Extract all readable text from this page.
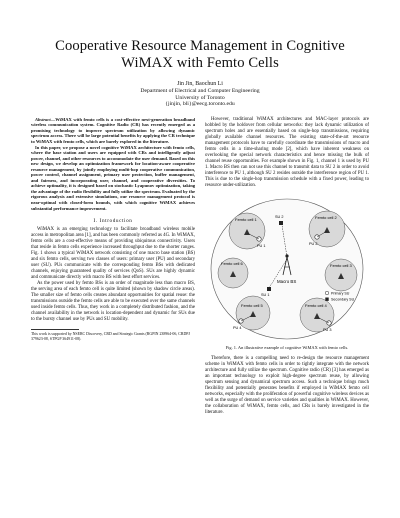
Cooperative Resource Management in Cognitive
WiMAX with Femto Cells
Jin Jin, Baochun Li
Department of Electrical and Computer Engineering
University of Toronto
{jinjin, bli}@eecg.toronto.edu

Abstract—WiMAX with femto cells is a cost-effective next-generation broadband wireless communication system. Cognitive Radio (CR) has recently emerged as a promising technology to improve spectrum utilization by allowing dynamic spectrum access. There will be large potential benefits by applying the CR technique to WiMAX with femto cells, which are barely explored in the literature.

In this paper, we propose a novel cognitive WiMAX architecture with femto cells, where the base station and users are equipped with CRs and intelligently adjust power, channel, and other resources to accommodate the user demand. Based on this new design, we develop an optimization framework for location-aware cooperative resource management, by jointly employing multi-hop cooperative communication, power control, channel assignment, primary user protection, buffer management, and fairness, and incorporating user, channel, and cooperative diversities. To achieve optimality, it is designed based on stochastic Lyapunov optimization, taking the advantage of the radio flexibility and fully utilize the spectrum. Evaluated by the rigorous analysis and extensive simulations, our resource management protocol is near-optimal with closed-form bounds, with which cognitive WiMAX achieves substantial performance improvement.

I. Introduction

WiMAX is an emerging technology to facilitate broadband wireless mobile access in metropolitan area [1], and has been commonly referred as 4G. In WiMAX, femto cells are a cost-effective means of providing ubiquitous connectivity. Users that reside in femto cells experience increased throughput due to the shorter ranges. Fig. 1 shows a typical WiMAX network consisting of one macro base station (BS) and six femto cells, serving two classes of users: primary user (PU) and secondary user (SU). PUs communicate with the corresponding femto BSs with dedicated channels, enjoying guaranteed quality of services (QoS). SUs are highly dynamic and communicate directly with macro BS with best effort services.

As the power used by femto BSs is an order of magnitude less than macro BS, the serving area of each femto cell is quite limited (shown by shadow circle areas). The smaller size of femto cells creates abundant opportunities for spatial reuse: the transmissions outside the femto cells are able to be executed over the same channels used inside femto cells. Thus, they work in a completely distributed fashion, and the channel availability in the network is location-dependent and dynamic for SUs due to the bursty channel use by PUs and SU mobility.

This work is supported by NSERC Discovery, CRD and Strategic Grants (RGPIN 238964-06, CRDPJ 379623-08, STPGP 364911-08).

However, traditional WiMAX architectures and MAC-layer protocols are hobbled by the holdover from cellular networks: they lack dynamic utilization of spectrum holes and are essentially based on single-hop transmissions, requiring globally available channel resources. The existing state-of-the-art resource management protocols have to carefully coordinate the transmissions of macro and femto cells in a time-sharing mode [2], which have inherent weakness on overlooking the special network characteristics and hence missing the bulk of channel reuse opportunities. For example shown in Fig. 1, channel 1 is used by PU 1. Macro BS then can not use this channel to transmit data to SU 2 in order to avoid interference to PU 1, although SU 2 resides outside the interference region of PU 1. This is due to the single-hop transmission schedule with a fixed power, leading to resource under-utilization.

Femto cell 1	Femto cell 2
Femto cell 3
Femto cell 4
Femto cell 5
Femto cell 6
Macro BS
PU 1	PU 2
PU 3
PU 4
SU 1
SU 2
Primary SU
Secondary SU
Fig. 1. An illustrative example of cognitive WiMAX with femto cells.

Therefore, there is a compelling need to re-design the resource management scheme in WiMAX with femto cells in order to tightly integrate with the network architecture and fully utilize the spectrum. Cognitive radio (CR) [3] has emerged as an important technology to exploit high-degree spectrum reuse, by allowing spectrum sensing and dynamical spectrum access. Such a technique brings much flexibility and potentially generates benefits if employed in WiMAX femto cell networks, especially with the proliferation of powerful cognitive wireless devices as well as the surge of demand on service varieties and qualities in WiMAX. However, the collaboration of WiMAX, femto cells, and CRs is barely investigated in the literature.
